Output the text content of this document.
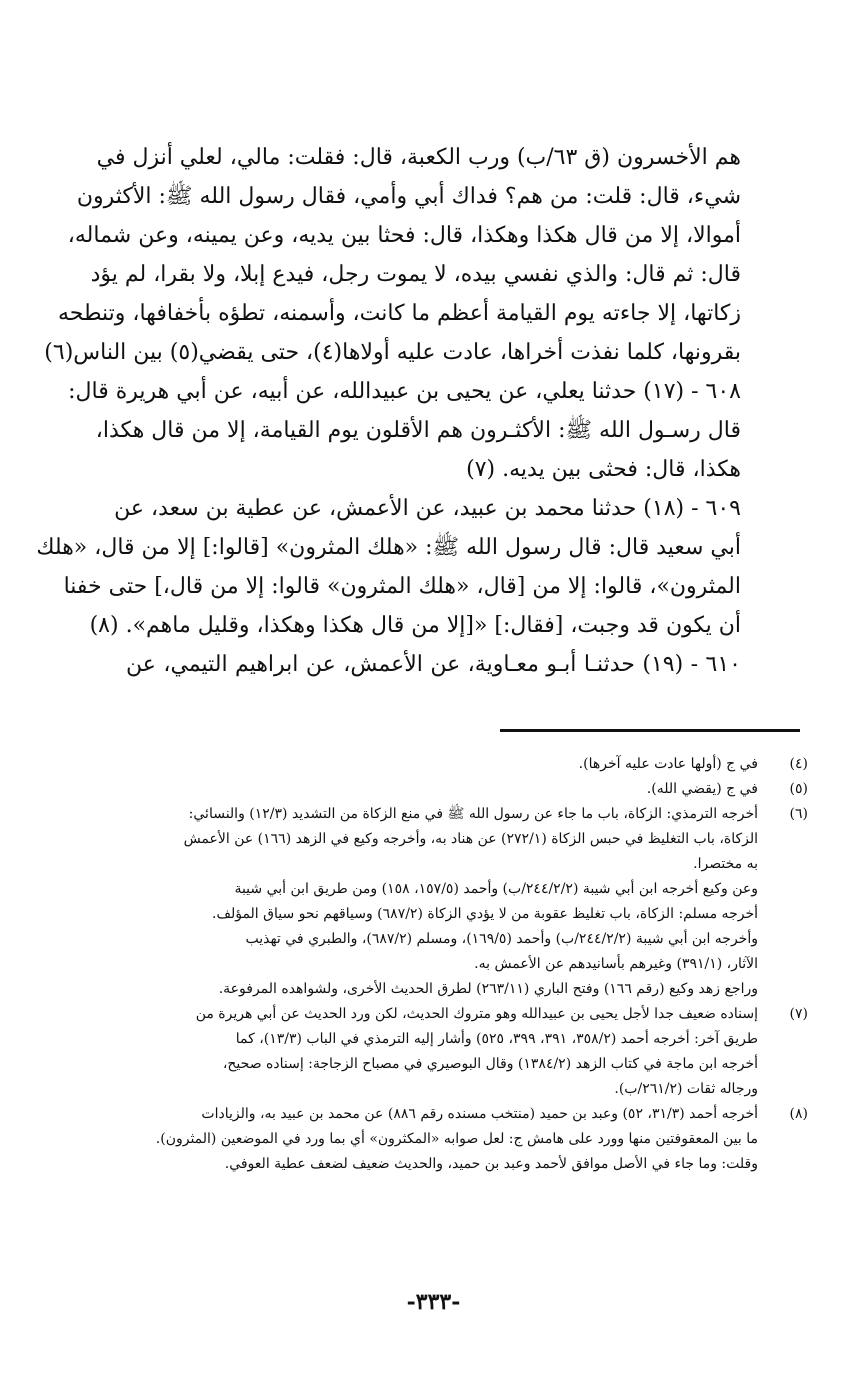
هم الأخسرون (ق ٦٣/ب) ورب الكعبة، قال: فقلت: مالي، لعلي أنزل في
شيء، قال: قلت: من هم؟ فداك أبي وأمي، فقال رسول الله ﷺ: الأكثرون
أموالا، إلا من قال هكذا وهكذا، قال: فحثا بين يديه، وعن يمينه، وعن شماله،
قال: ثم قال: والذي نفسي بيده، لا يموت رجل، فيدع إبلا، ولا بقرا، لم يؤد
زكاتها، إلا جاءته يوم القيامة أعظم ما كانت، وأسمنه، تطؤه بأخفافها، وتنطحه
بقرونها، كلما نفذت أخراها، عادت عليه أولاها(٤)، حتى يقضي(٥) بين الناس(٦)
٦٠٨ - (١٧) حدثنا يعلي، عن يحيى بن عبيدالله، عن أبيه، عن أبي هريرة قال:
قال رسـول الله ﷺ: الأكثـرون هم الأقلون يوم القيامة، إلا من قال هكذا،
هكذا، قال: فحثى بين يديه. (٧)
٦٠٩ - (١٨) حدثنا محمد بن عبيد، عن الأعمش، عن عطية بن سعد، عن
أبي سعيد قال: قال رسول الله ﷺ: «هلك المثرون» [قالوا:] إلا من قال، «هلك
المثرون»، قالوا: إلا من [قال، «هلك المثرون» قالوا: إلا من قال،] حتى خفنا
أن يكون قد وجبت، [فقال:] «[إلا من قال هكذا وهكذا، وقليل ماهم». (٨)
٦١٠ - (١٩) حدثنـا أبـو معـاوية، عن الأعمش، عن ابراهيم التيمي، عن

(٤)
في ج (أولها عادت عليه آخرها).
(٥)
في ج (يقضي الله).
(٦)
أخرجه الترمذي: الزكاة، باب ما جاء عن رسول الله ﷺ في منع الزكاة من التشديد (١٢/٣) والنسائي:
الزكاة، باب التغليظ في حبس الزكاة (٢٧٢/١) عن هناد به، وأخرجه وكيع في الزهد (١٦٦) عن الأعمش
به مختصرا.
وعن وكيع أخرجه ابن أبي شيبة (٢٤٤/٢/٢/ب) وأحمد (١٥٧/٥، ١٥٨) ومن طريق ابن أبي شيبة
أخرجه مسلم: الزكاة، باب تغليظ عقوبة من لا يؤدي الزكاة (٦٨٧/٢) وسياقهم نحو سياق المؤلف.
وأخرجه ابن أبي شيبة (٢٤٤/٢/٢/ب) وأحمد (١٦٩/٥)، ومسلم (٦٨٧/٢)، والطبري في تهذيب
الآثار، (٣٩١/١) وغيرهم بأسانيدهم عن الأعمش به.
وراجع زهد وكيع (رقم ١٦٦) وفتح الباري (٢٦٣/١١) لطرق الحديث الأخرى، ولشواهده المرفوعة.
(٧)
إسناده ضعيف جدا لأجل يحيى بن عبيدالله وهو متروك الحديث، لكن ورد الحديث عن أبي هريرة من
طريق آخر: أخرجه أحمد (٣٥٨/٢، ٣٩١، ٣٩٩، ٥٢٥) وأشار إليه الترمذي في الباب (١٣/٣)، كما
أخرجه ابن ماجة في كتاب الزهد (١٣٨٤/٢) وقال البوصيري في مصباح الزجاجة: إسناده صحيح،
ورجاله ثقات (٢٦١/٢/ب).
(٨)
أخرجه أحمد (٣١/٣، ٥٢) وعبد بن حميد (منتخب مسنده رقم ٨٨٦) عن محمد بن عبيد به، والزيادات
ما بين المعقوفتين منها وورد على هامش ج: لعل صوابه «المكثرون» أي بما ورد في الموضعين (المثرون).
وقلت: وما جاء في الأصل موافق لأحمد وعبد بن حميد، والحديث ضعيف لضعف عطية العوفي.
-٣٣٣-
